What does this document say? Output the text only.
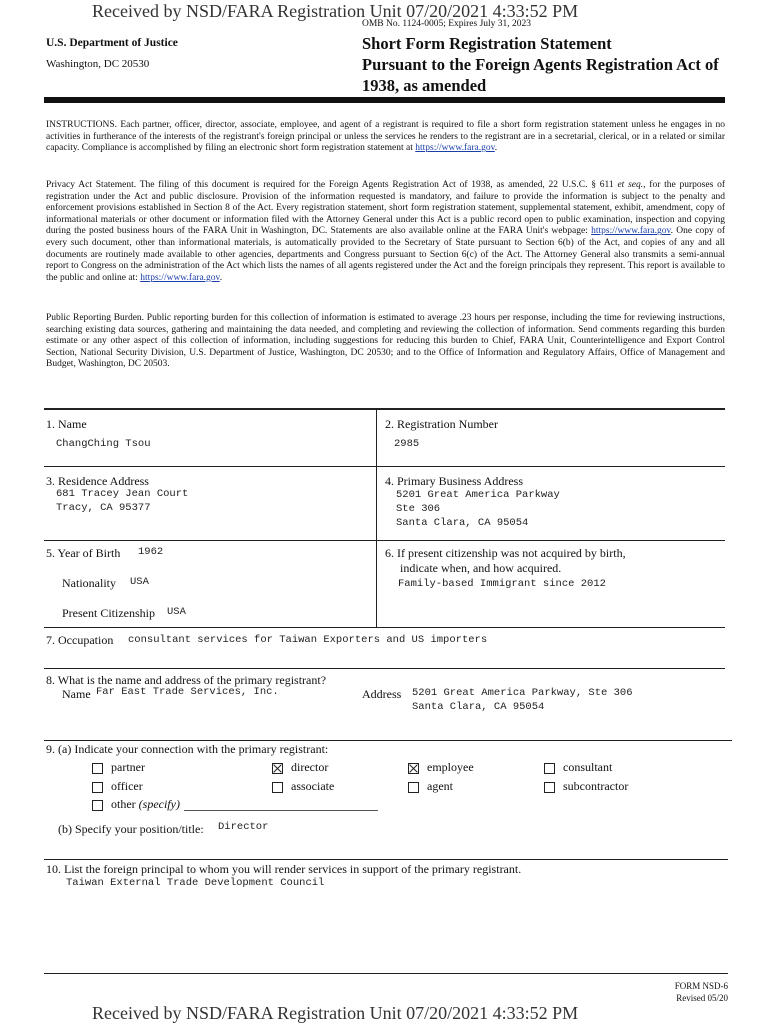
Received by NSD/FARA Registration Unit 07/20/2021 4:33:52 PM
OMB No. 1124-0005; Expires July 31, 2023
U.S. Department of Justice
Washington, DC 20530
Short Form Registration Statement
Pursuant to the Foreign Agents Registration Act of
1938, as amended
INSTRUCTIONS. Each partner, officer, director, associate, employee, and agent of a registrant is required to file a short form registration statement unless he engages in no activities in furtherance of the interests of the registrant's foreign principal or unless the services he renders to the registrant are in a secretarial, clerical, or in a related or similar capacity. Compliance is accomplished by filing an electronic short form registration statement at https://www.fara.gov.
Privacy Act Statement. The filing of this document is required for the Foreign Agents Registration Act of 1938, as amended, 22 U.S.C. § 611 et seq., for the purposes of registration under the Act and public disclosure. Provision of the information requested is mandatory, and failure to provide the information is subject to the penalty and enforcement provisions established in Section 8 of the Act. Every registration statement, short form registration statement, supplemental statement, exhibit, amendment, copy of informational materials or other document or information filed with the Attorney General under this Act is a public record open to public examination, inspection and copying during the posted business hours of the FARA Unit in Washington, DC. Statements are also available online at the FARA Unit's webpage: https://www.fara.gov. One copy of every such document, other than informational materials, is automatically provided to the Secretary of State pursuant to Section 6(b) of the Act, and copies of any and all documents are routinely made available to other agencies, departments and Congress pursuant to Section 6(c) of the Act. The Attorney General also transmits a semi-annual report to Congress on the administration of the Act which lists the names of all agents registered under the Act and the foreign principals they represent. This report is available to the public and online at: https://www.fara.gov.
Public Reporting Burden. Public reporting burden for this collection of information is estimated to average .23 hours per response, including the time for reviewing instructions, searching existing data sources, gathering and maintaining the data needed, and completing and reviewing the collection of information. Send comments regarding this burden estimate or any other aspect of this collection of information, including suggestions for reducing this burden to Chief, FARA Unit, Counterintelligence and Export Control Section, National Security Division, U.S. Department of Justice, Washington, DC 20530; and to the Office of Information and Regulatory Affairs, Office of Management and Budget, Washington, DC 20503.
1. Name
ChangChing Tsou
2. Registration Number
2985
3. Residence Address
681 Tracey Jean Court
Tracy, CA 95377
4. Primary Business Address
5201 Great America Parkway
Ste 306
Santa Clara, CA 95054
5. Year of Birth 1962
Nationality USA
Present Citizenship USA
6. If present citizenship was not acquired by birth,
indicate when, and how acquired.
Family-based Immigrant since 2012
7. Occupation consultant services for Taiwan Exporters and US importers
8. What is the name and address of the primary registrant?
Name Far East Trade Services, Inc.	Address 5201 Great America Parkway, Ste 306
Santa Clara, CA 95054
9. (a) Indicate your connection with the primary registrant:
partner	director	employee	consultant
officer	associate	agent	subcontractor
other (specify)
(b) Specify your position/title: Director
10. List the foreign principal to whom you will render services in support of the primary registrant.
Taiwan External Trade Development Council
FORM NSD-6
Revised 05/20
Received by NSD/FARA Registration Unit 07/20/2021 4:33:52 PM
